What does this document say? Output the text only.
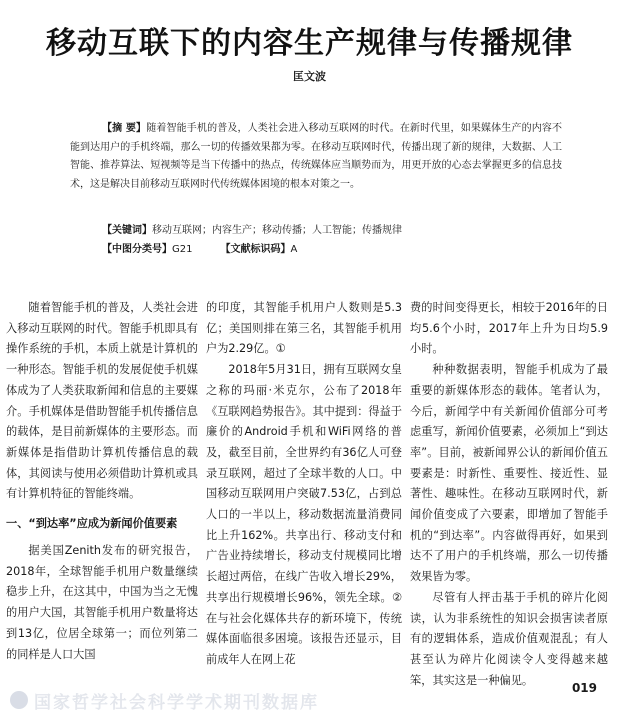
移动互联下的内容生产规律与传播规律
匡文波
【摘 要】随着智能手机的普及，人类社会进入移动互联网的时代。在新时代里，如果媒体生产的内容不能到达用户的手机终端，那么一切的传播效果都为零。在移动互联网时代，传播出现了新的规律，大数据、人工智能、推荐算法、短视频等是当下传播中的热点，传统媒体应当顺势而为，用更开放的心态去掌握更多的信息技术，这是解决目前移动互联网时代传统媒体困境的根本对策之一。
【关键词】移动互联网；内容生产；移动传播；人工智能；传播规律
【中图分类号】G21	【文献标识码】A

随着智能手机的普及，人类社会进入移动互联网的时代。智能手机即具有操作系统的手机，本质上就是计算机的一种形态。智能手机的发展促使手机媒体成为了人类获取新闻和信息的主要媒介。手机媒体是借助智能手机传播信息的载体，是目前新媒体的主要形态。而新媒体是指借助计算机传播信息的载体，其阅读与使用必须借助计算机或具有计算机特征的智能终端。

一、“到达率”应成为新闻价值要素

据美国Zenith发布的研究报告，2018年，全球智能手机用户数量继续稳步上升，在这其中，中国为当之无愧的用户大国，其智能手机用户数量将达到13亿，位居全球第一；而位列第二的同样是人口大国

的印度，其智能手机用户人数则是5.3亿；美国则排在第三名，其智能手机用户为2.29亿。①

2018年5月31日，拥有互联网女皇之称的玛丽·米克尔，公布了2018年《互联网趋势报告》。其中提到：得益于廉价的Android手机和WiFi网络的普及，截至目前，全世界约有36亿人可登录互联网，超过了全球半数的人口。中国移动互联网用户突破7.53亿，占到总人口的一半以上，移动数据流量消费同比上升162%。共享出行、移动支付和广告业持续增长，移动支付规模同比增长超过两倍，在线广告收入增长29%，共享出行规模增长96%，领先全球。②在与社会化媒体共存的新环境下，传统媒体面临很多困境。该报告还显示，目前成年人在网上花

费的时间变得更长，相较于2016年的日均5.6个小时，2017年上升为日均5.9小时。

种种数据表明，智能手机成为了最重要的新媒体形态的载体。笔者认为，今后，新闻学中有关新闻价值部分可考虑重写，新闻价值要素，必须加上“到达率”。目前，被新闻界公认的新闻价值五要素是：时新性、重要性、接近性、显著性、趣味性。在移动互联网时代，新闻价值变成了六要素，即增加了智能手机的“到达率”。内容做得再好，如果到达不了用户的手机终端，那么一切传播效果皆为零。

尽管有人抨击基于手机的碎片化阅读，认为非系统性的知识会损害读者原有的逻辑体系，造成价值观混乱；有人甚至认为碎片化阅读令人变得越来越笨，其实这是一种偏见。

019
国家哲学社会科学学术期刊数据库
